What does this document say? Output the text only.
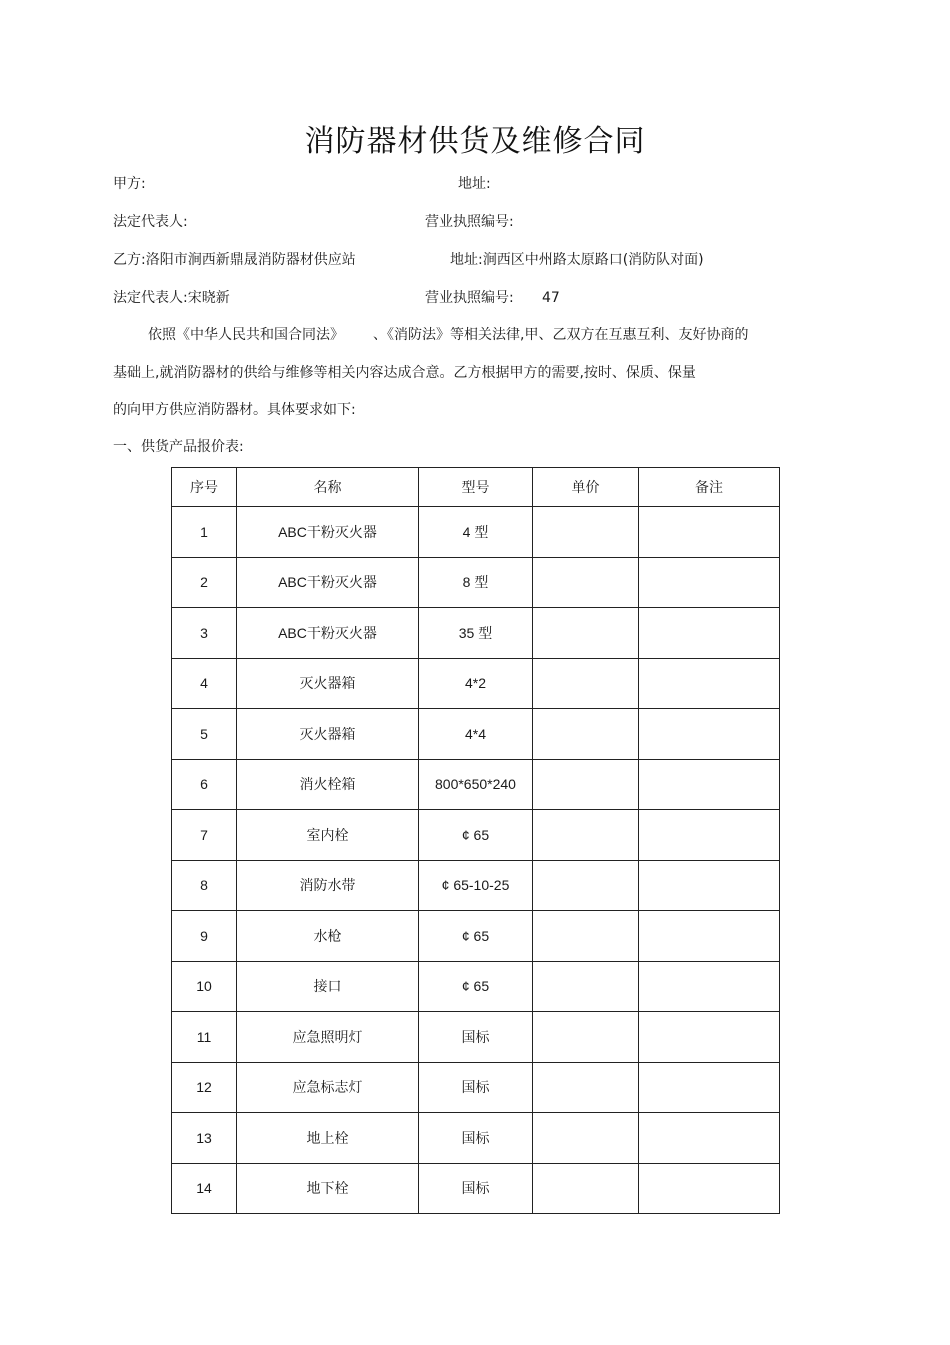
消防器材供货及维修合同
甲方:	地址:
法定代表人:	营业执照编号:
乙方:洛阳市涧西新鼎晟消防器材供应站	地址:涧西区中州路太原路口(消防队对面)
法定代表人:宋晓新	营业执照编号: 47
依照《中华人民共和国合同法》 、《消防法》等相关法律,甲、乙双方在互惠互利、友好协商的
基础上,就消防器材的供给与维修等相关内容达成合意。乙方根据甲方的需要,按时、保质、保量
的向甲方供应消防器材。具体要求如下:
一、供货产品报价表:
序号	名称	型号	单价	备注
1	ABC干粉灭火器	4 型		
2	ABC干粉灭火器	8 型		
3	ABC干粉灭火器	35 型		
4	灭火器箱	4*2		
5	灭火器箱	4*4		
6	消火栓箱	800*650*240		
7	室内栓	¢ 65		
8	消防水带	¢ 65-10-25		
9	水枪	¢ 65		
10	接口	¢ 65		
11	应急照明灯	国标		
12	应急标志灯	国标		
13	地上栓	国标		
14	地下栓	国标		
